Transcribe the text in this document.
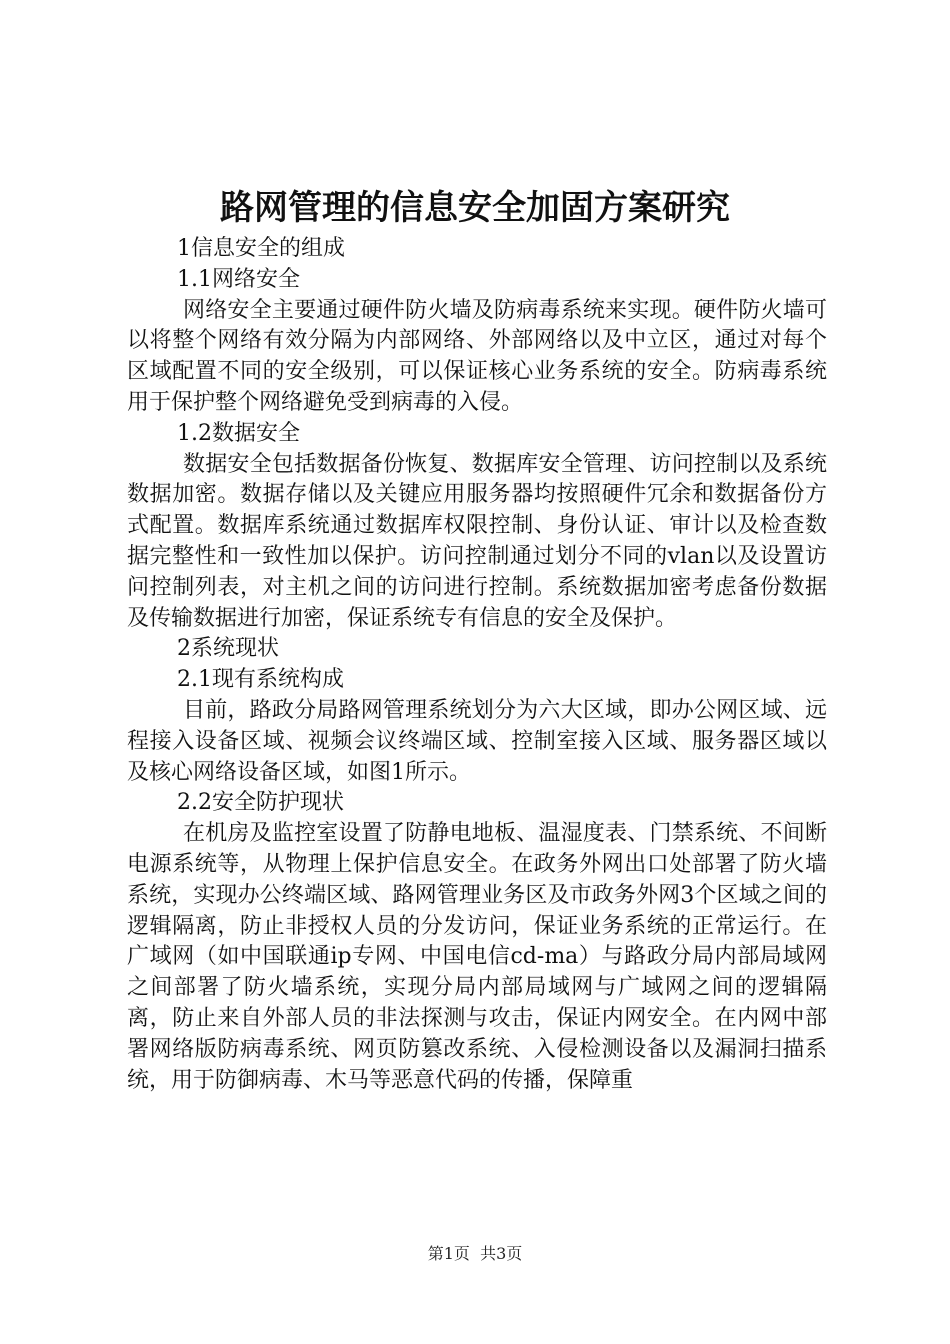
路网管理的信息安全加固方案研究

1信息安全的组成

1.1网络安全

网络安全主要通过硬件防火墙及防病毒系统来实现。硬件防火墙可以将整个网络有效分隔为内部网络、外部网络以及中立区，通过对每个区域配置不同的安全级别，可以保证核心业务系统的安全。防病毒系统用于保护整个网络避免受到病毒的入侵。

1.2数据安全

数据安全包括数据备份恢复、数据库安全管理、访问控制以及系统数据加密。数据存储以及关键应用服务器均按照硬件冗余和数据备份方式配置。数据库系统通过数据库权限控制、身份认证、审计以及检查数据完整性和一致性加以保护。访问控制通过划分不同的vlan以及设置访问控制列表，对主机之间的访问进行控制。系统数据加密考虑备份数据及传输数据进行加密，保证系统专有信息的安全及保护。

2系统现状

2.1现有系统构成

目前，路政分局路网管理系统划分为六大区域，即办公网区域、远程接入设备区域、视频会议终端区域、控制室接入区域、服务器区域以及核心网络设备区域，如图1所示。

2.2安全防护现状

在机房及监控室设置了防静电地板、温湿度表、门禁系统、不间断电源系统等，从物理上保护信息安全。在政务外网出口处部署了防火墙系统，实现办公终端区域、路网管理业务区及市政务外网3个区域之间的逻辑隔离，防止非授权人员的分发访问，保证业务系统的正常运行。在广域网（如中国联通ip专网、中国电信cd-ma）与路政分局内部局域网之间部署了防火墙系统，实现分局内部局域网与广域网之间的逻辑隔离，防止来自外部人员的非法探测与攻击，保证内网安全。在内网中部署网络版防病毒系统、网页防篡改系统、入侵检测设备以及漏洞扫描系统，用于防御病毒、木马等恶意代码的传播，保障重

第1页  共3页
